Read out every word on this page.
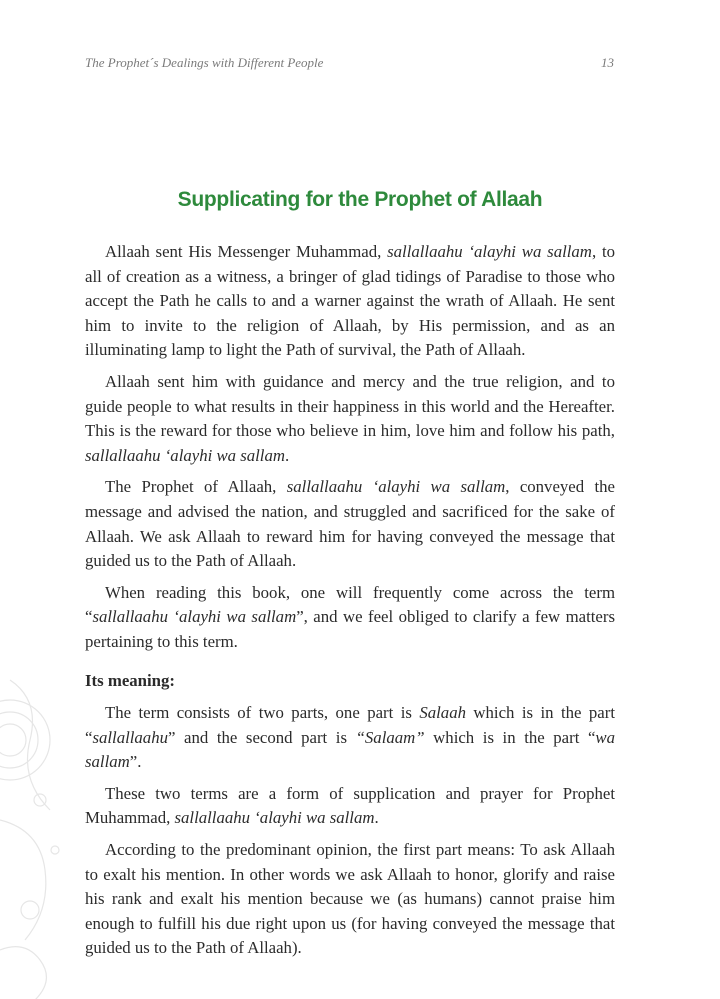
The Prophet´s Dealings with Different People	13
Supplicating for the Prophet of Allaah

Allaah sent His Messenger Muhammad, sallallaahu ‘alayhi wa sallam, to all of creation as a witness, a bringer of glad tidings of Paradise to those who accept the Path he calls to and a warner against the wrath of Allaah. He sent him to invite to the religion of Allaah, by His permission, and as an illuminating lamp to light the Path of survival, the Path of Allaah.

Allaah sent him with guidance and mercy and the true religion, and to guide people to what results in their happiness in this world and the Hereafter. This is the reward for those who believe in him, love him and follow his path, sallallaahu ‘alayhi wa sallam.

The Prophet of Allaah, sallallaahu ‘alayhi wa sallam, conveyed the message and advised the nation, and struggled and sacrificed for the sake of Allaah. We ask Allaah to reward him for having conveyed the message that guided us to the Path of Allaah.

When reading this book, one will frequently come across the term “sallallaahu ‘alayhi wa sallam”, and we feel obliged to clarify a few matters pertaining to this term.

Its meaning:

The term consists of two parts, one part is Salaah which is in the part “sallallaahu” and the second part is “Salaam” which is in the part “wa sallam”.

These two terms are a form of supplication and prayer for Prophet Muhammad, sallallaahu ‘alayhi wa sallam.

According to the predominant opinion, the first part means: To ask Allaah to exalt his mention. In other words we ask Allaah to honor, glorify and raise his rank and exalt his mention because we (as humans) cannot praise him enough to fulfill his due right upon us (for having conveyed the message that guided us to the Path of Allaah).
